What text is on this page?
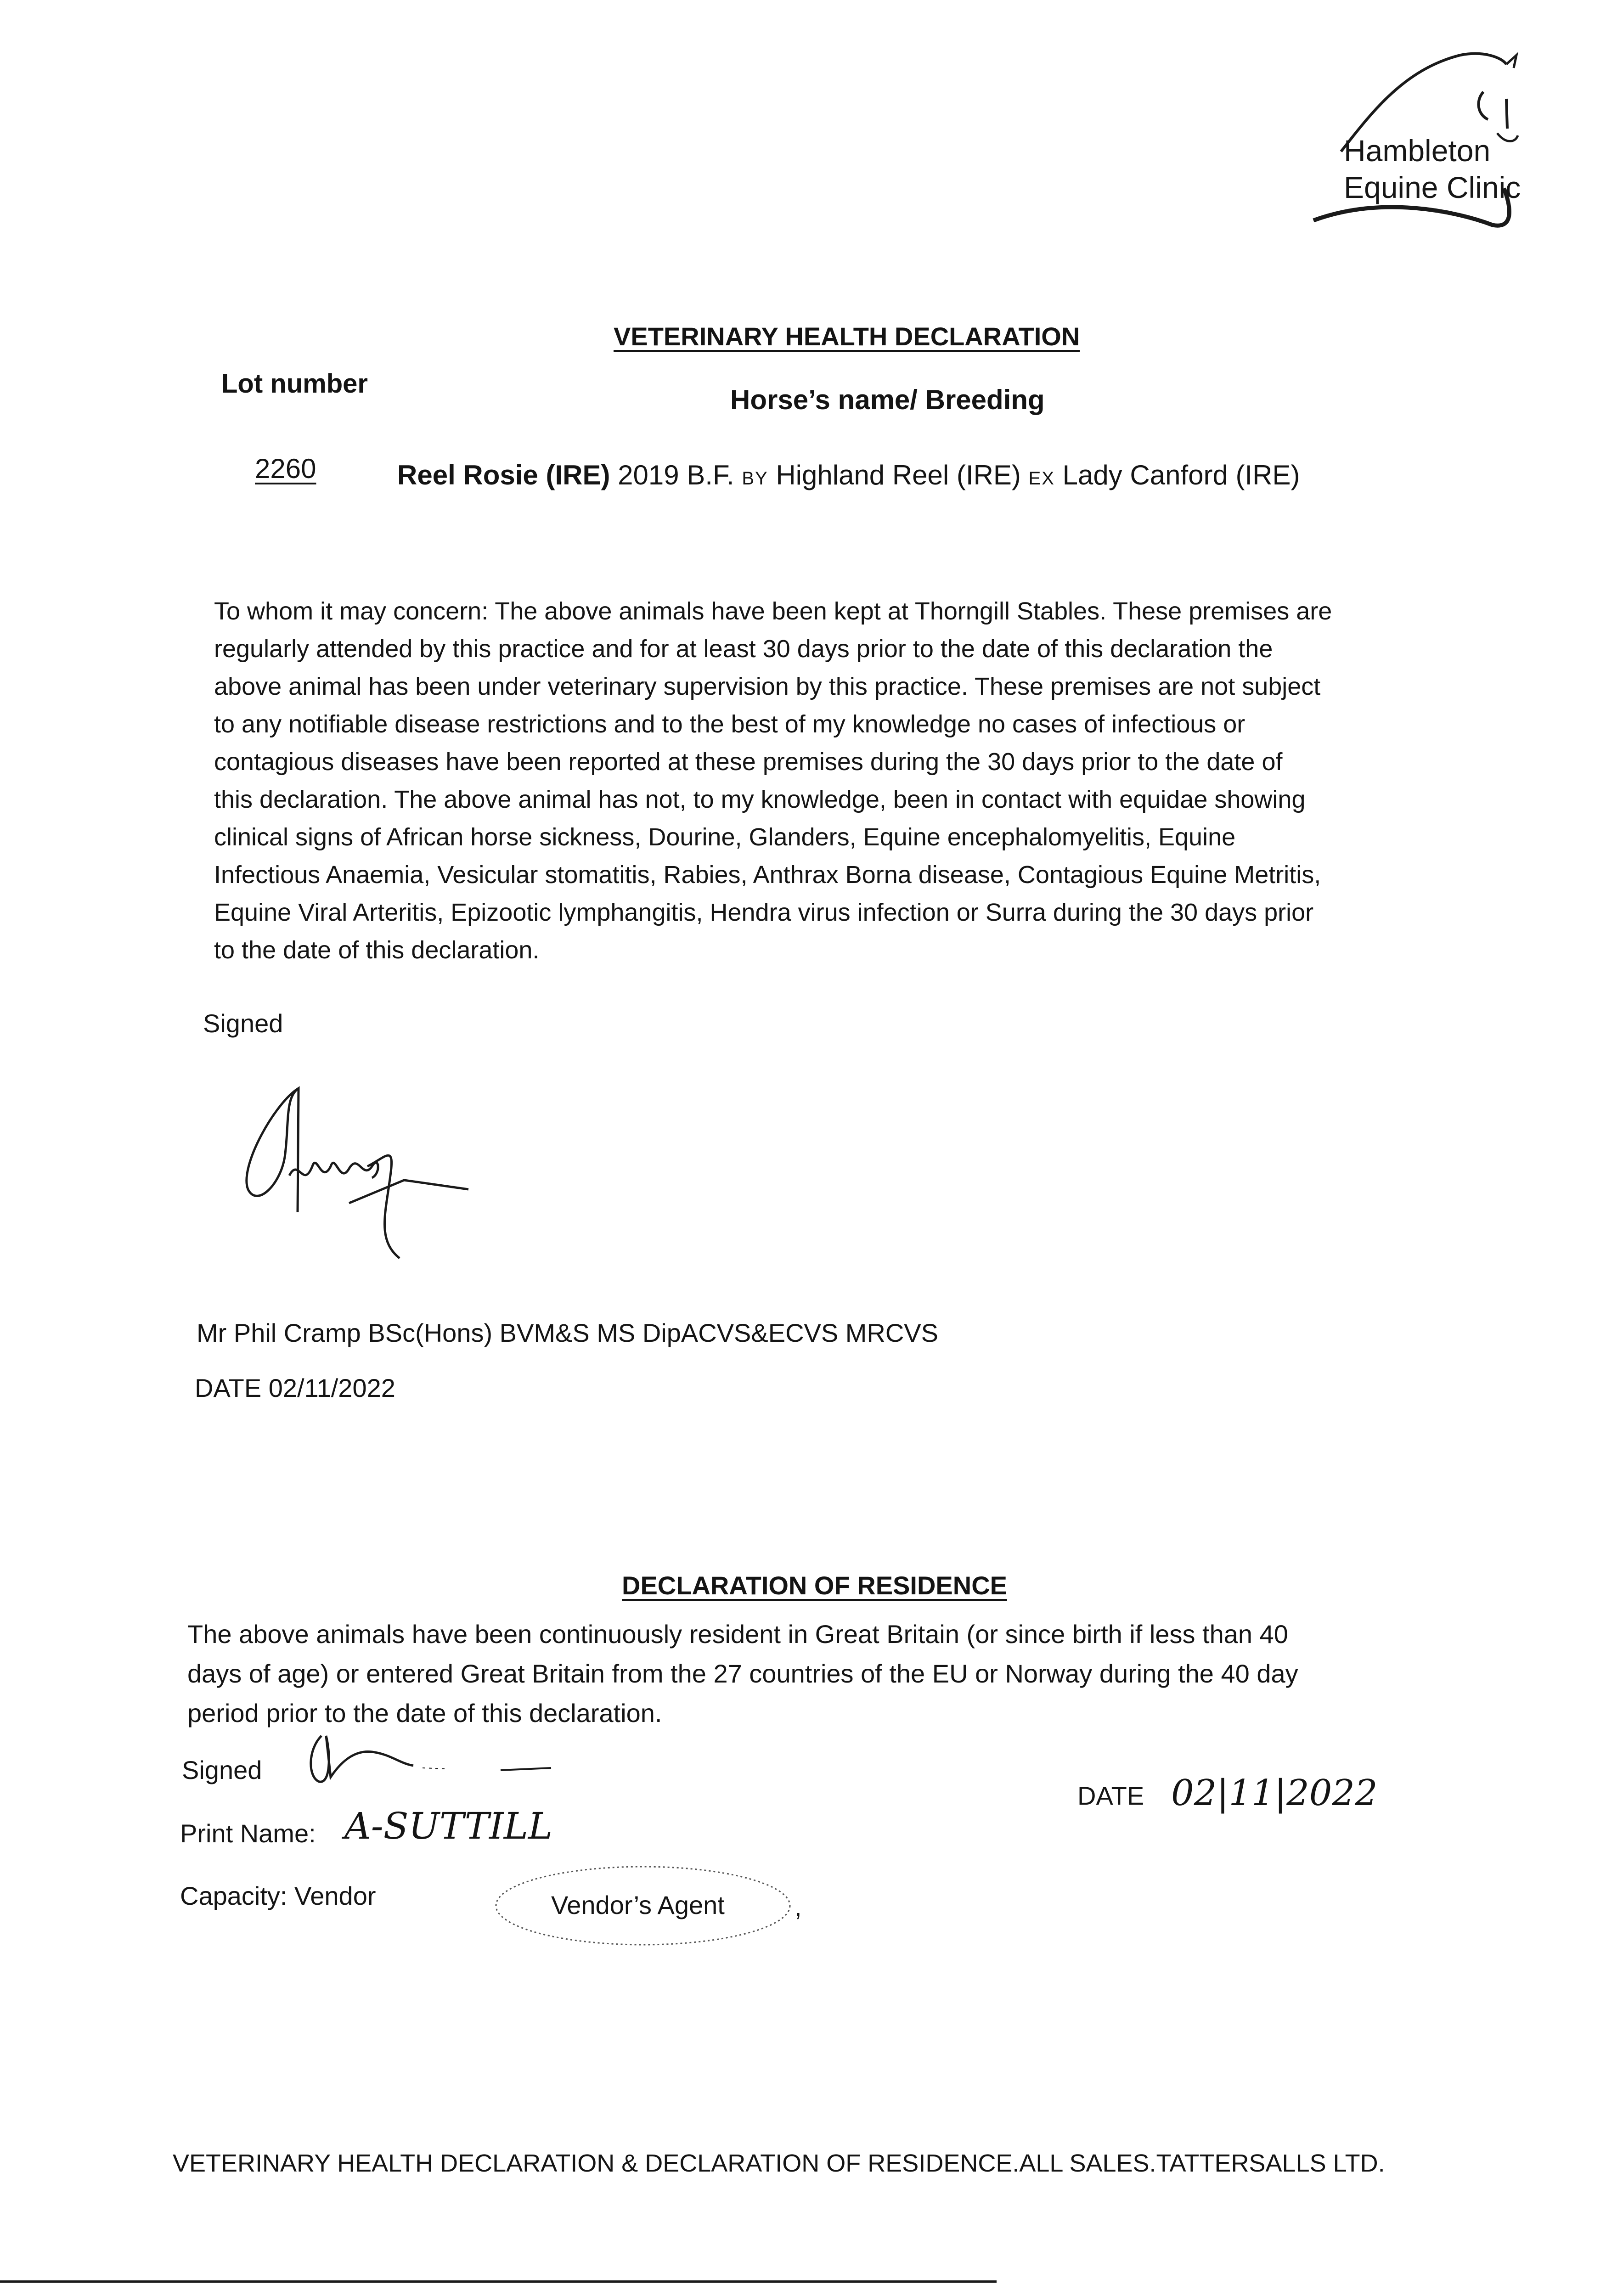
Hambleton
Equine Clinic
VETERINARY HEALTH DECLARATION
Lot number
Horse’s name/ Breeding
2260	Reel Rosie (IRE) 2019 B.F. BY Highland Reel (IRE) EX Lady Canford (IRE)
To whom it may concern: The above animals have been kept at Thorngill Stables. These premises are
regularly attended by this practice and for at least 30 days prior to the date of this declaration the
above animal has been under veterinary supervision by this practice. These premises are not subject
to any notifiable disease restrictions and to the best of my knowledge no cases of infectious or
contagious diseases have been reported at these premises during the 30 days prior to the date of
this declaration. The above animal has not, to my knowledge, been in contact with equidae showing
clinical signs of African horse sickness, Dourine, Glanders, Equine encephalomyelitis, Equine
Infectious Anaemia, Vesicular stomatitis, Rabies, Anthrax Borna disease, Contagious Equine Metritis,
Equine Viral Arteritis, Epizootic lymphangitis, Hendra virus infection or Surra during the 30 days prior
to the date of this declaration.
Signed
Mr Phil Cramp BSc(Hons) BVM&S MS DipACVS&ECVS MRCVS
DATE 02/11/2022
DECLARATION OF RESIDENCE
The above animals have been continuously resident in Great Britain (or since birth if less than 40
days of age) or entered Great Britain from the 27 countries of the EU or Norway during the 40 day
period prior to the date of this declaration.
Signed
DATE 02|11|2022
Print Name: A-SUTTILL
Capacity: Vendor	Vendor’s Agent	,
VETERINARY HEALTH DECLARATION & DECLARATION OF RESIDENCE.ALL SALES.TATTERSALLS LTD.
